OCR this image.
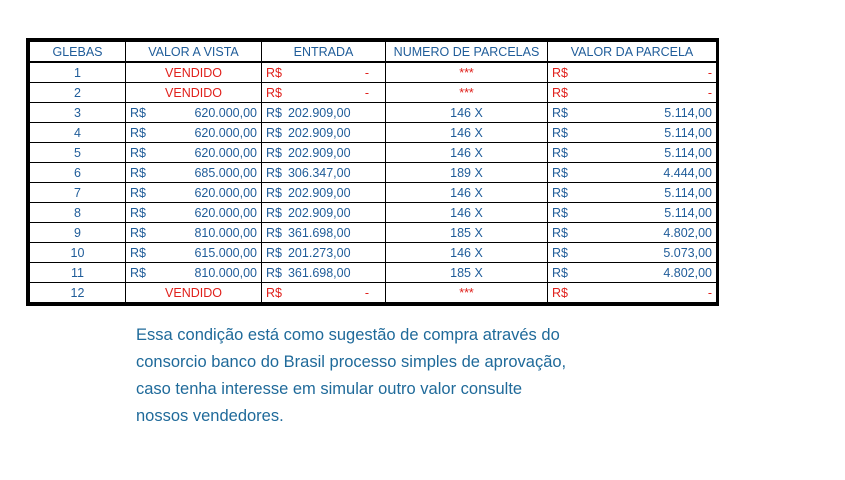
GLEBAS	VALOR A VISTA	ENTRADA	NUMERO DE PARCELAS	VALOR DA PARCELA
1	VENDIDO	R$ -	***	R$ -

2	VENDIDO	R$ -	***	R$ -

3	R$ 620.000,00	R$ 202.909,00	146 X	R$ 5.114,00

4	R$ 620.000,00	R$ 202.909,00	146 X	R$ 5.114,00

5	R$ 620.000,00	R$ 202.909,00	146 X	R$ 5.114,00

6	R$ 685.000,00	R$ 306.347,00	189 X	R$ 4.444,00

7	R$ 620.000,00	R$ 202.909,00	146 X	R$ 5.114,00

8	R$ 620.000,00	R$ 202.909,00	146 X	R$ 5.114,00

9	R$ 810.000,00	R$ 361.698,00	185 X	R$ 4.802,00

10	R$ 615.000,00	R$ 201.273,00	146 X	R$ 5.073,00

11	R$ 810.000,00	R$ 361.698,00	185 X	R$ 4.802,00

12	VENDIDO	R$ -	***	R$ -

Essa condição está como sugestão de compra através do
consorcio banco do Brasil processo simples de aprovação,
caso tenha interesse em simular outro valor consulte
nossos vendedores.
